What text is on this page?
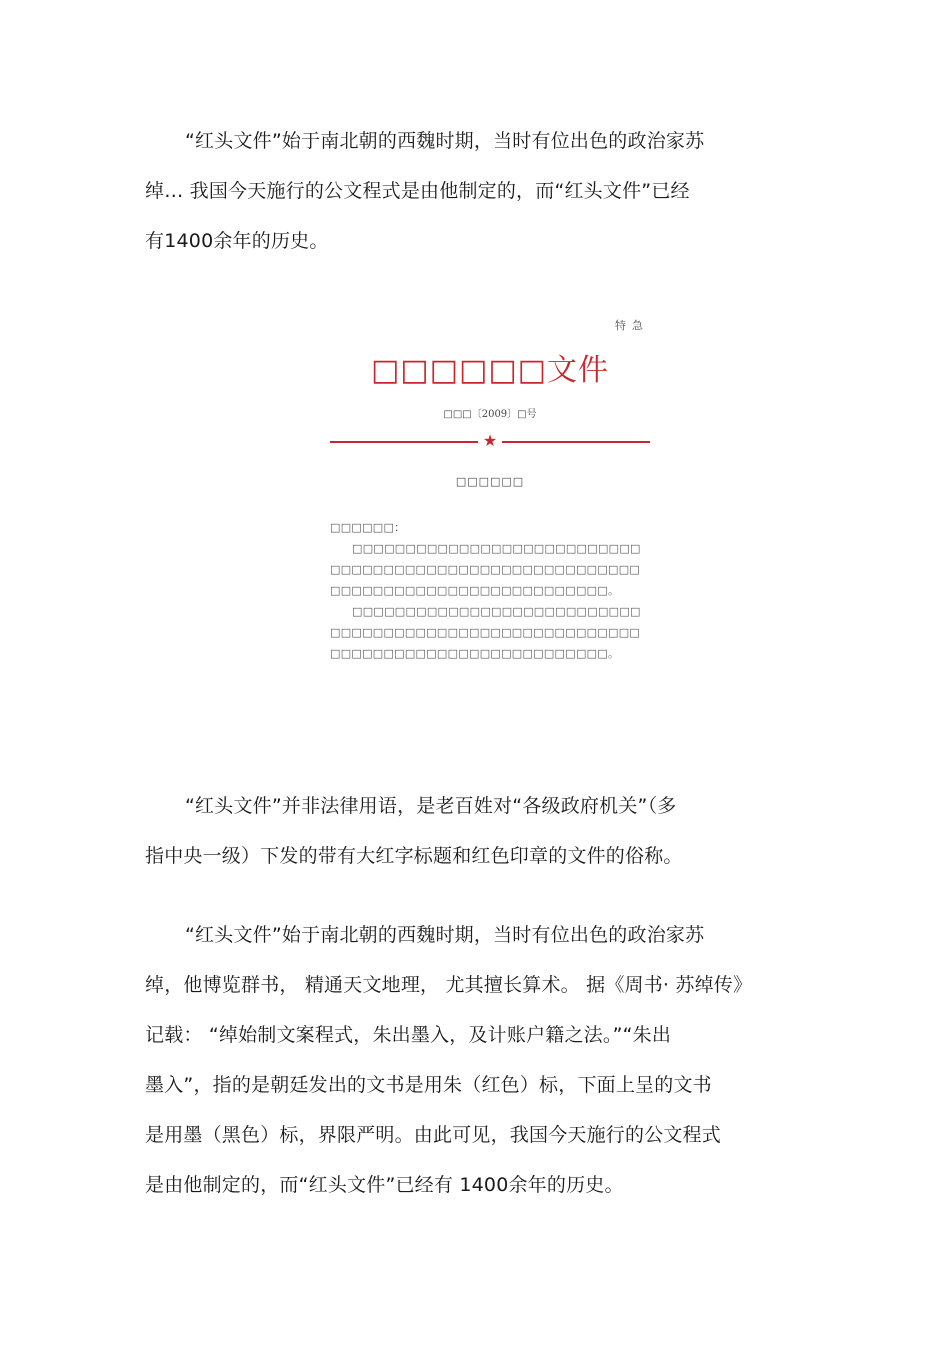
“红头文件”始于南北朝的西魏时期，当时有位出色的政治家苏
绰… 我国今天施行的公文程式是由他制定的，而“红头文件”已经
有1400余年的历史。

特急
□□□□□□文件
□□□〔2009〕□号
★
□□□□□□
□□□□□□：
□□□□□□□□□□□□□□□□□□□□□□□□□□□
□□□□□□□□□□□□□□□□□□□□□□□□□□□□□
□□□□□□□□□□□□□□□□□□□□□□□□□□。
□□□□□□□□□□□□□□□□□□□□□□□□□□□
□□□□□□□□□□□□□□□□□□□□□□□□□□□□□
□□□□□□□□□□□□□□□□□□□□□□□□□□。

“红头文件”并非法律用语，是老百姓对“各级政府机关”（多
指中央一级）下发的带有大红字标题和红色印章的文件的俗称。

“红头文件”始于南北朝的西魏时期，当时有位出色的政治家苏
绰，他博览群书， 精通天文地理， 尤其擅长算术。 据《周书· 苏绰传》
记载： “绰始制文案程式，朱出墨入，及计账户籍之法。”“朱出
墨入”，指的是朝廷发出的文书是用朱（红色）标，下面上呈的文书
是用墨（黑色）标，界限严明。由此可见，我国今天施行的公文程式
是由他制定的，而“红头文件”已经有 1400余年的历史。
